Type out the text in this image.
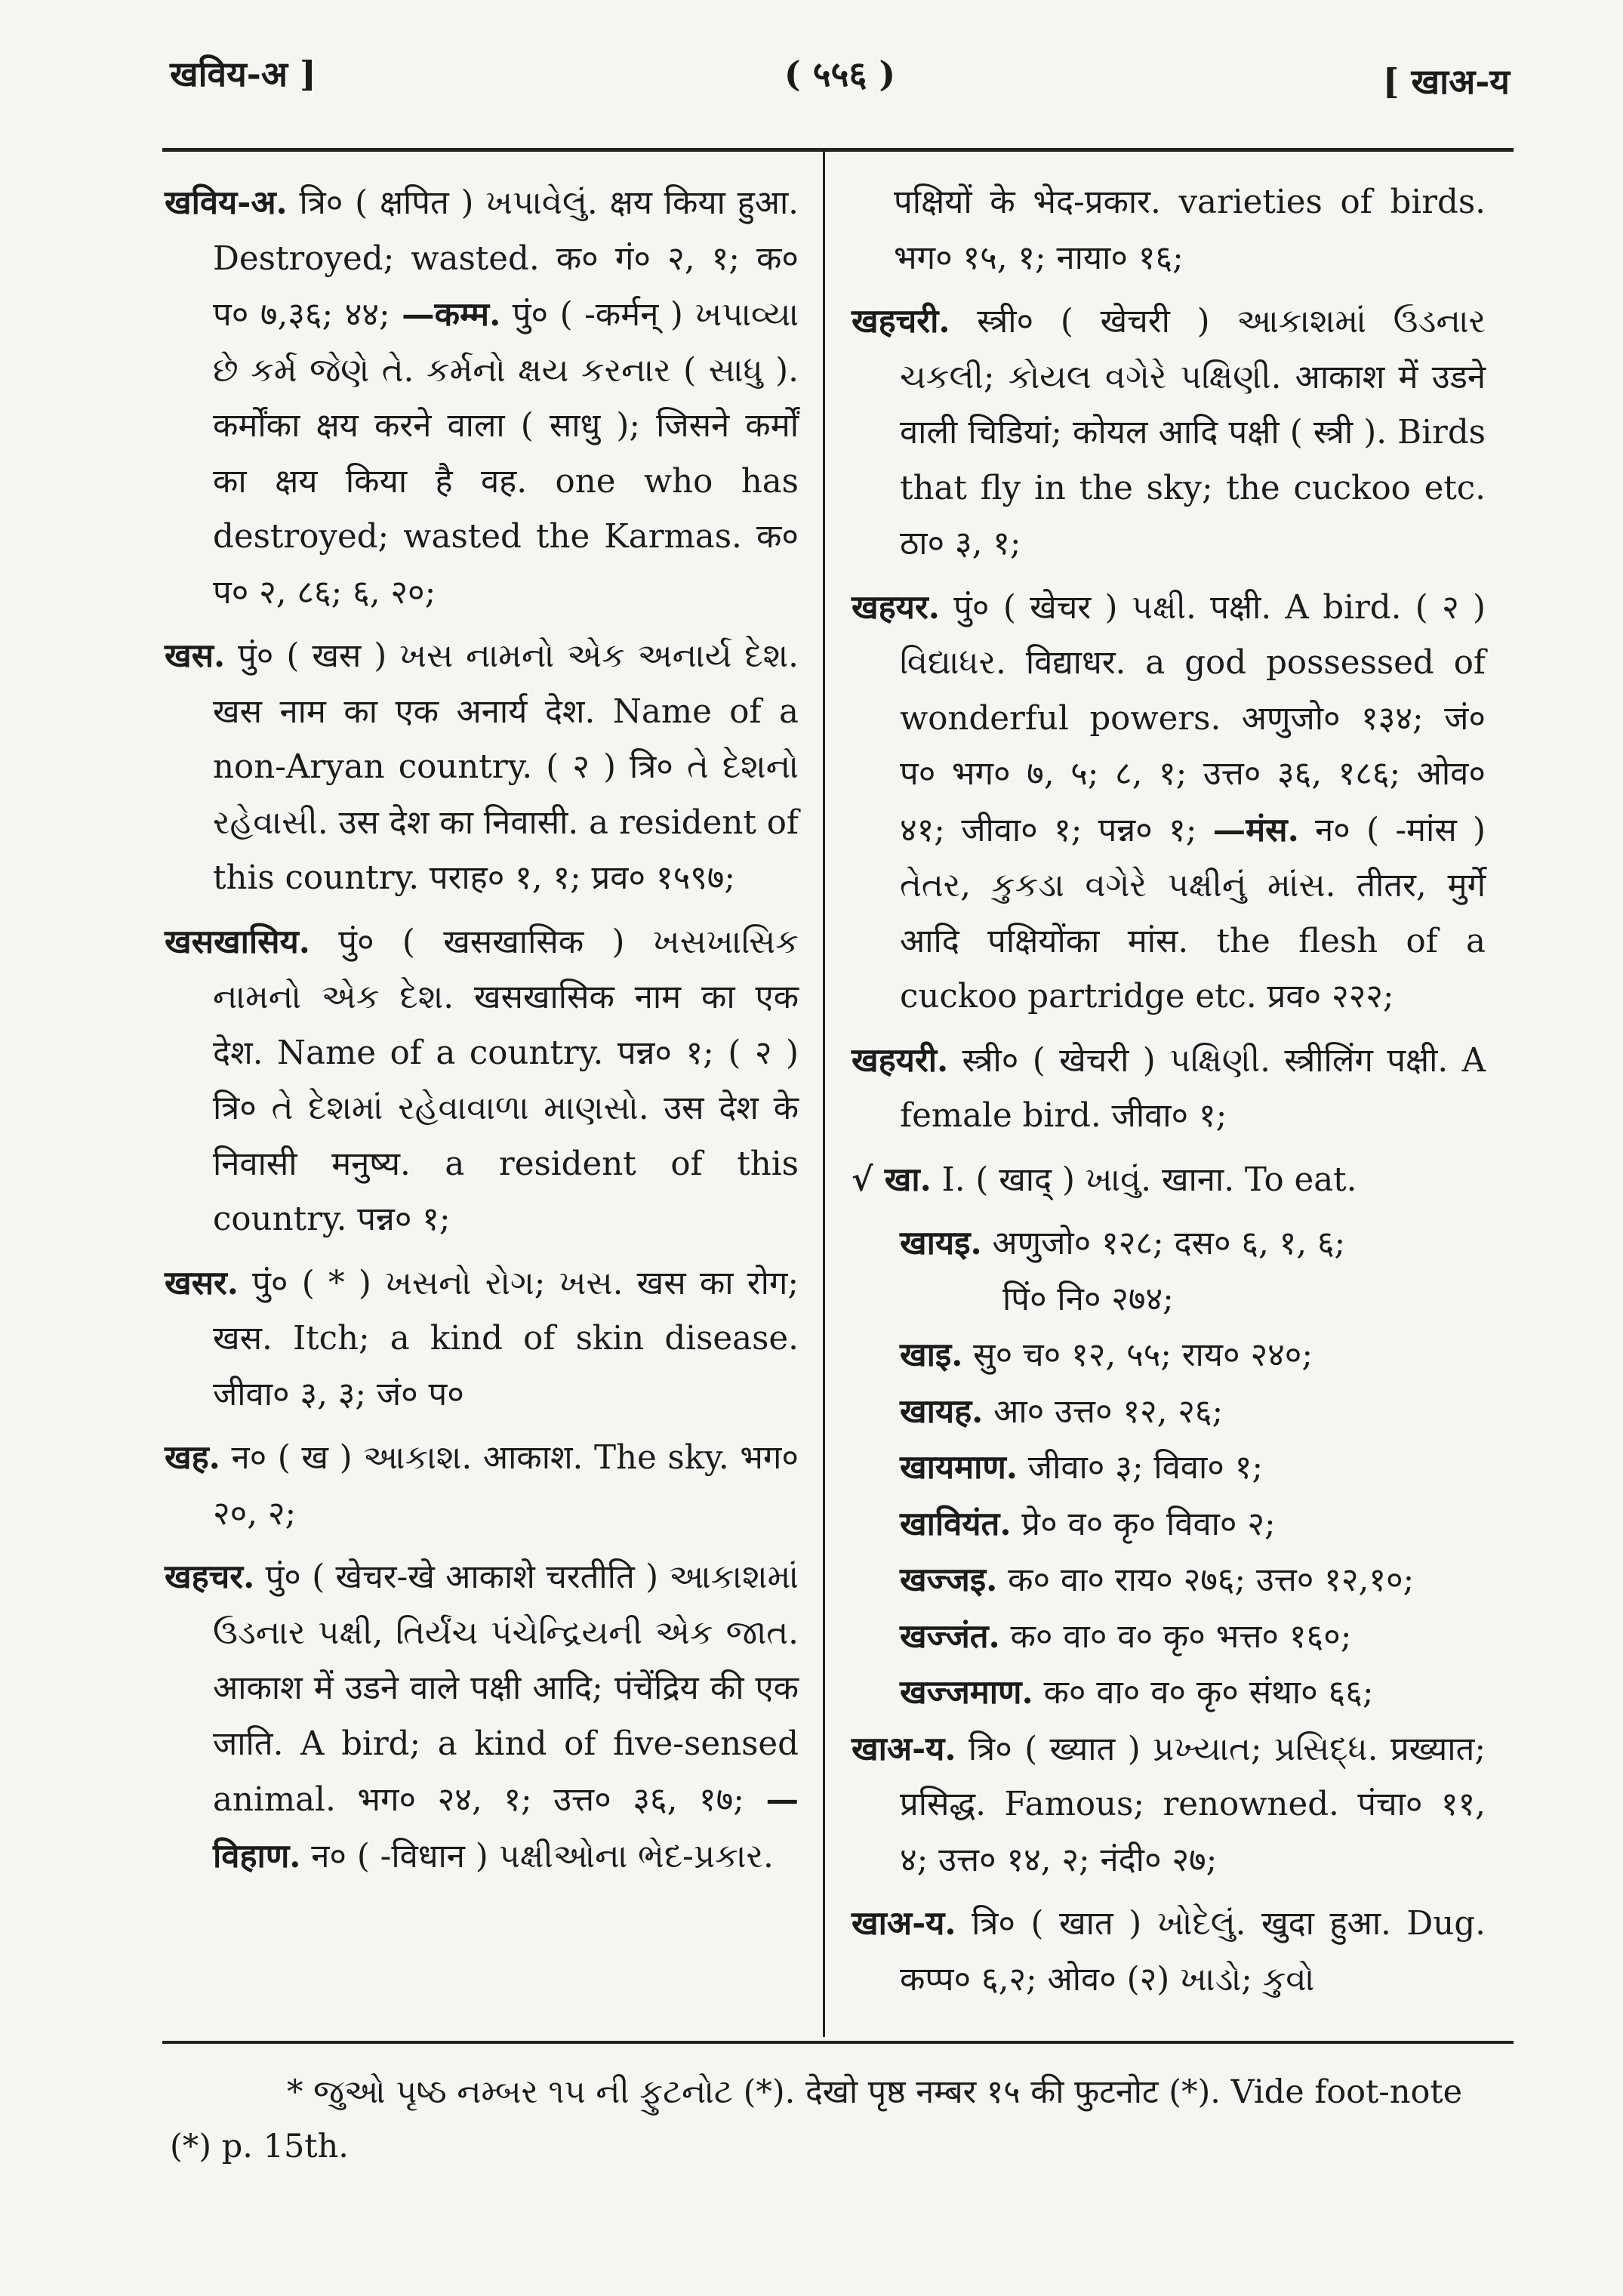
खविय-अ ]	( ५५६ )	[ खाअ-य

खविय-अ. त्रि० ( क्षपित ) ખપાવેલું. क्षय किया हुआ. Destroyed; wasted. क० गं० २, १; क० प० ७,३६; ४४; —कम्म. पुं० ( -कर्मन् ) ખપાવ્યા છે કર્મ જેણે તે. કર્મનો ક્ષય કરનાર ( સાધુ ). कर्मोंका क्षय करने वाला ( साधु ); जिसने कर्मों का क्षय किया है वह. one who has destroyed; wasted the Karmas. क० प० २, ८६; ६, २०;

खस. पुं० ( खस ) ખસ નામનો એક અનાર્ય દેશ. खस नाम का एक अनार्य देश. Name of a non-Aryan country. ( २ ) त्रि० તે દેશનો રહેવાસી. उस देश का निवासी. a resident of this country. पराह० १, १; प्रव० १५९७;

खसखासिय. पुं० ( खसखासिक ) ખસખાસિક નામનો એક દેશ. खसखासिक नाम का एक देश. Name of a country. पन्न० १; ( २ ) त्रि० તે દેશમાં રહેવાવાળા માણસો. उस देश के निवासी मनुष्य. a resident of this country. पन्न० १;

खसर. पुं० ( * ) ખસનો રોગ; ખસ. खस का रोग; खस. Itch; a kind of skin disease. जीवा० ३, ३; जं० प०

खह. न० ( ख ) આકાશ. आकाश. The sky. भग० २०, २;

खहचर. पुं० ( खेचर-खे आकाशे चरतीति ) આકાશમાં ઉડનાર પક્ષી, તિર્યંચ પંચેન્દ્રિયની એક જાત. आकाश में उडने वाले पक्षी आदि; पंचेंद्रिय की एक जाति. A bird; a kind of five-sensed animal. भग० २४, १; उत्त० ३६, १७; —विहाण. न० ( -विधान ) પક્ષીઓના ભેદ-પ્રકાર.

पक्षियों के भेद-प्रकार. varieties of birds. भग० १५, १; नाया० १६;

खहचरी. स्त्री० ( खेचरी ) આકાશમાં ઉડનાર ચકલી; કોયલ વગેરે પક્ષિણી. आकाश में उडने वाली चिडियां; कोयल आदि पक्षी ( स्त्री ). Birds that fly in the sky; the cuckoo etc. ठा० ३, १;

खहयर. पुं० ( खेचर ) પક્ષી. पक्षी. A bird. ( २ ) વિદ્યાધર. विद्याधर. a god possessed of wonderful powers. अणुजो० १३४; जं० प० भग० ७, ५; ८, १; उत्त० ३६, १८६; ओव० ४१; जीवा० १; पन्न० १; —मंस. न० ( -मांस ) તેતર, કુકડા વગેરે પક્ષીનું માંસ. तीतर, मुर्गे आदि पक्षियोंका मांस. the flesh of a cuckoo partridge etc. प्रव० २२२;

खहयरी. स्त्री० ( खेचरी ) પક્ષિણી. स्त्रीलिंग पक्षी. A female bird. जीवा० १;

√ खा. I. ( खाद् ) ખાવું. खाना. To eat.

खायइ. अणुजो० १२८; दस० ६, १, ६;

पिं० नि० २७४;

खाइ. सु० च० १२, ५५; राय० २४०;

खायह. आ० उत्त० १२, २६;

खायमाण. जीवा० ३; विवा० १;

खावियंत. प्रे० व० कृ० विवा० २;

खज्जइ. क० वा० राय० २७६; उत्त० १२,१०;

खज्जंत. क० वा० व० कृ० भत्त० १६०;

खज्जमाण. क० वा० व० कृ० संथा० ६६;

खाअ-य. त्रि० ( ख्यात ) પ્રખ્યાત; પ્રસિદ્ધ. प्रख्यात; प्रसिद्ध. Famous; renowned. पंचा० ११, ४; उत्त० १४, २; नंदी० २७;

खाअ-य. त्रि० ( खात ) ખોદેલું. खुदा हुआ. Dug. कप्प० ६,२; ओव० (२) ખાડો; કુવો

* જુઓ પૃષ્ઠ નમ્બર ૧૫ ની ફુટનોટ (*). देखो पृष्ठ नम्बर १५ की फुटनोट (*). Vide foot-note (*) p. 15th.
